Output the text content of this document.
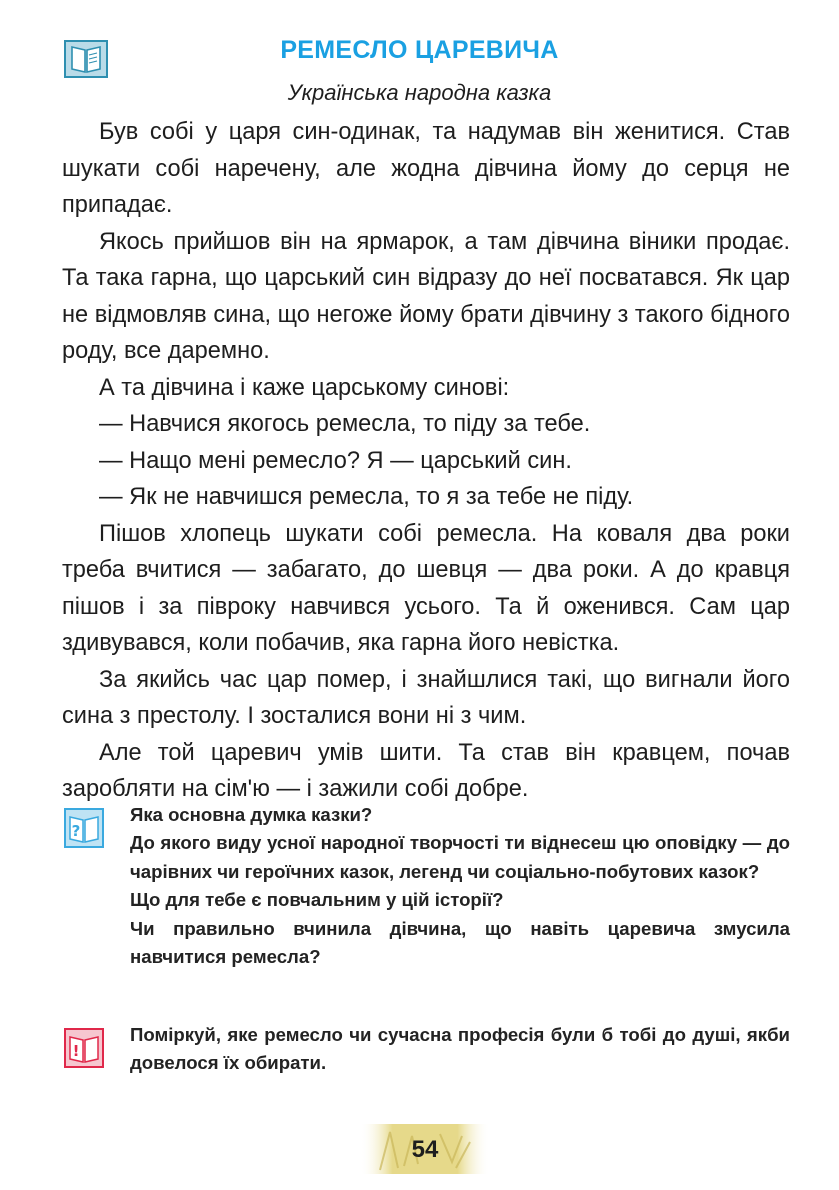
РЕМЕСЛО ЦАРЕВИЧА
Українська народна казка

Був собі у царя син-одинак, та надумав він женитися. Став шукати собі наречену, але жодна дівчина йому до серця не припадає.

Якось прийшов він на ярмарок, а там дівчина віники продає. Та така гарна, що царський син відразу до неї посватався. Як цар не відмовляв сина, що негоже йому брати дівчину з такого бідного роду, все даремно.

А та дівчина і каже царському синові:

— Навчися якогось ремесла, то піду за тебе.

— Нащо мені ремесло? Я — царський син.

— Як не навчишся ремесла, то я за тебе не піду.

Пішов хлопець шукати собі ремесла. На коваля два роки треба вчитися — забагато, до шевця — два роки. А до кравця пішов і за півроку навчився усього. Та й оженився. Сам цар здивувався, коли побачив, яка гарна його невістка.

За якийсь час цар помер, і знайшлися такі, що вигнали його сина з престолу. І зосталися вони ні з чим.

Але той царевич умів шити. Та став він кравцем, почав заробляти на сім'ю — і зажили собі добре.

?

Яка основна думка казки?

До якого виду усної народної творчості ти віднесеш цю оповідку — до чарівних чи героїчних казок, легенд чи соціально-побутових казок?

Що для тебе є повчальним у цій історії?

Чи правильно вчинила дівчина, що навіть царевича змусила навчитися ремесла?

!

Поміркуй, яке ремесло чи сучасна професія були б тобі до душі, якби довелося їх обирати.

54
